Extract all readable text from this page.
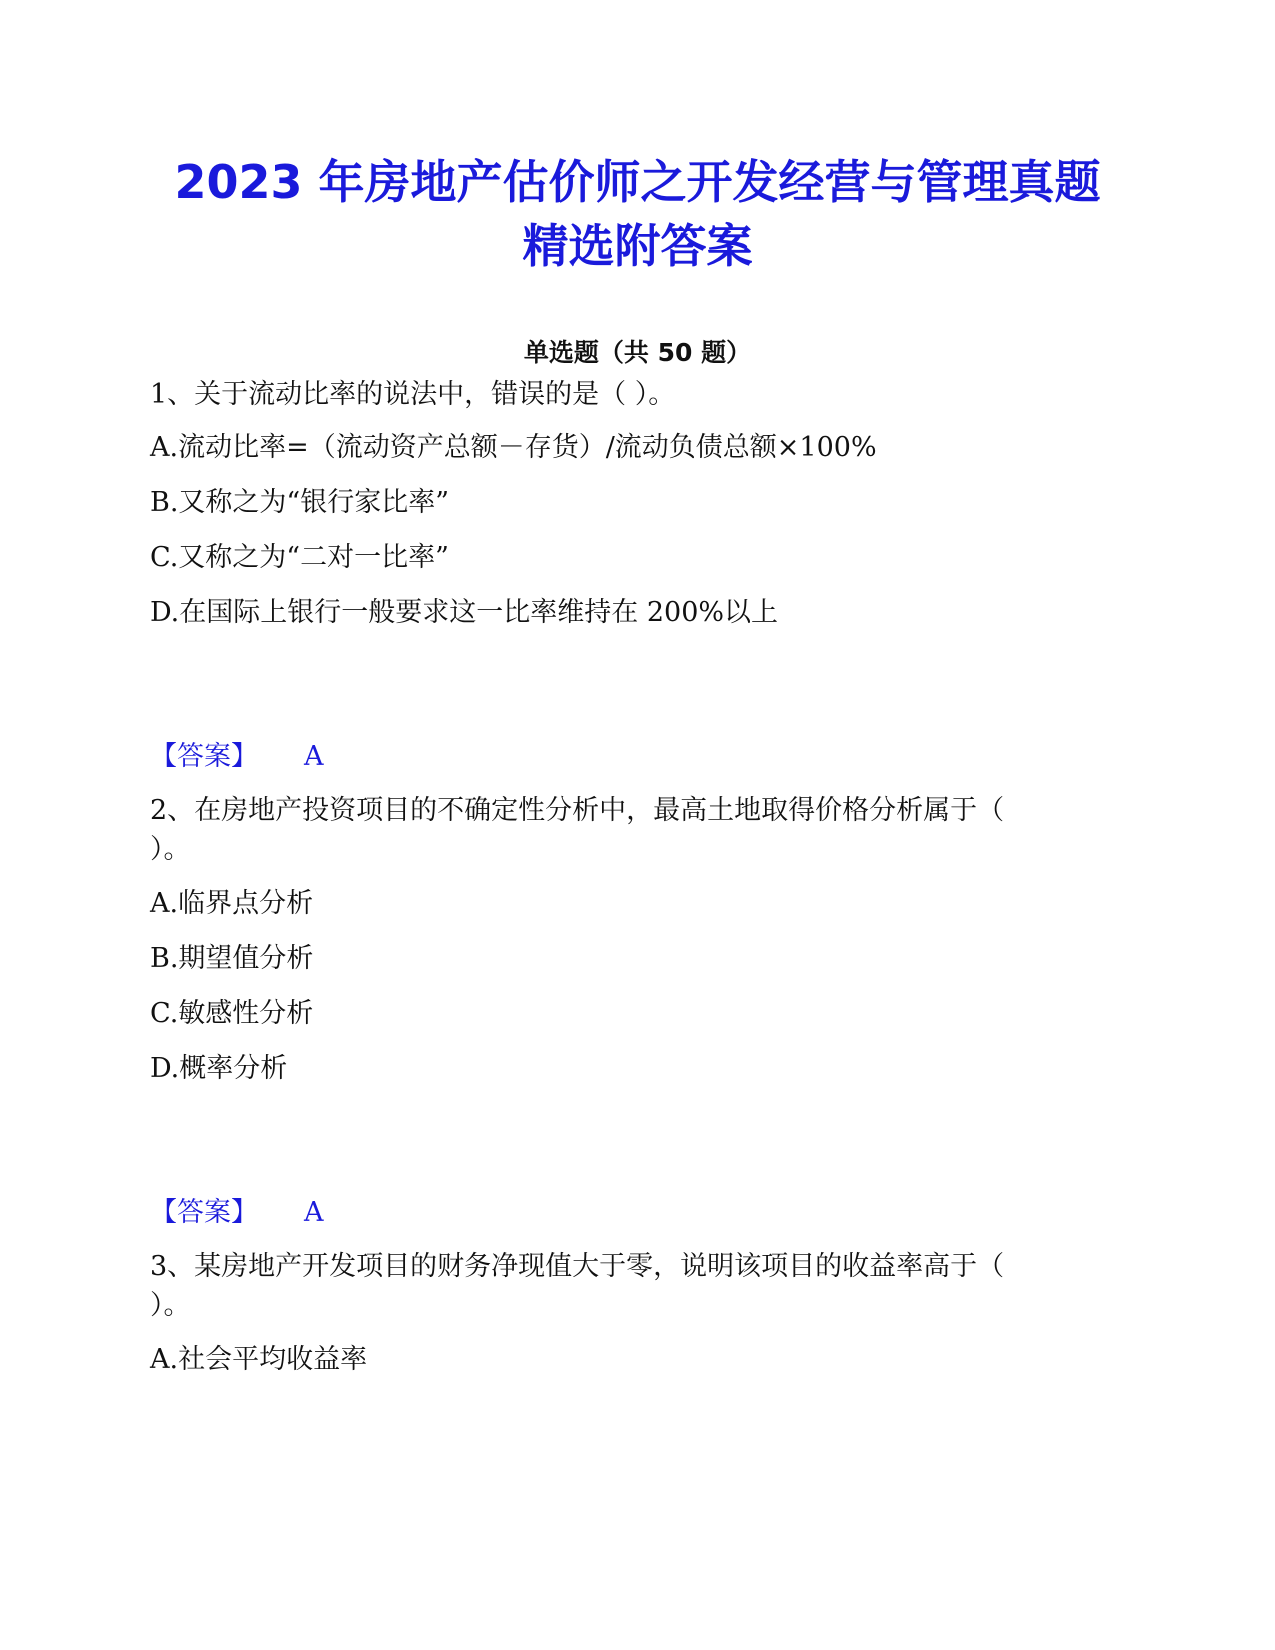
2023 年房地产估价师之开发经营与管理真题
精选附答案
单选题（共 50 题）
1、关于流动比率的说法中，错误的是（ ）。
A.流动比率=（流动资产总额－存货）/流动负债总额×100%
B.又称之为“银行家比率”
C.又称之为“二对一比率”
D.在国际上银行一般要求这一比率维持在 200%以上
【答案】 A
2、在房地产投资项目的不确定性分析中，最高土地取得价格分析属于（
）。
A.临界点分析
B.期望值分析
C.敏感性分析
D.概率分析
【答案】 A
3、某房地产开发项目的财务净现值大于零，说明该项目的收益率高于（
）。
A.社会平均收益率
